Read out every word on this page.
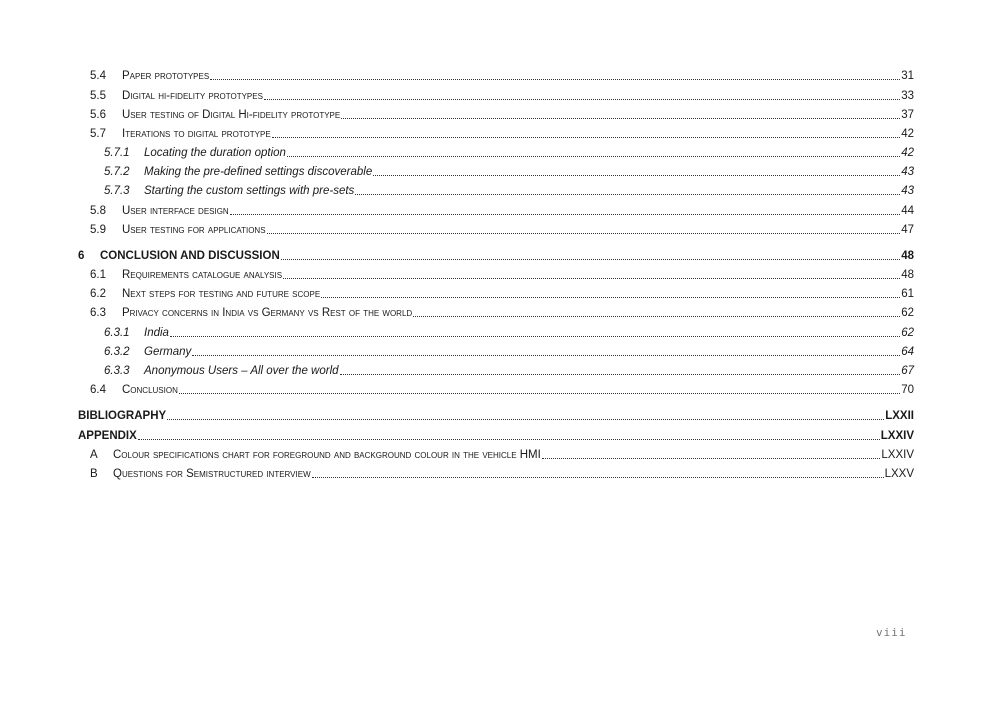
5.4	Paper prototypes	31
5.5	Digital hi-fidelity prototypes	33
5.6	User testing of Digital Hi-fidelity prototype	37
5.7	Iterations to digital prototype	42
5.7.1	Locating the duration option	42
5.7.2	Making the pre-defined settings discoverable	43
5.7.3	Starting the custom settings with pre-sets	43
5.8	User interface design	44
5.9	User testing for applications	47
6	CONCLUSION AND DISCUSSION	48
6.1	Requirements catalogue analysis	48
6.2	Next steps for testing and future scope	61
6.3	Privacy concerns in India vs Germany vs Rest of the world	62
6.3.1	India	62
6.3.2	Germany	64
6.3.3	Anonymous Users – All over the world	67
6.4	Conclusion	70
BIBLIOGRAPHY	LXXII
APPENDIX	LXXIV
A	Colour specifications chart for foreground and background colour in the vehicle HMI	LXXIV
B	Questions for Semistructured interview	LXXV
viii
